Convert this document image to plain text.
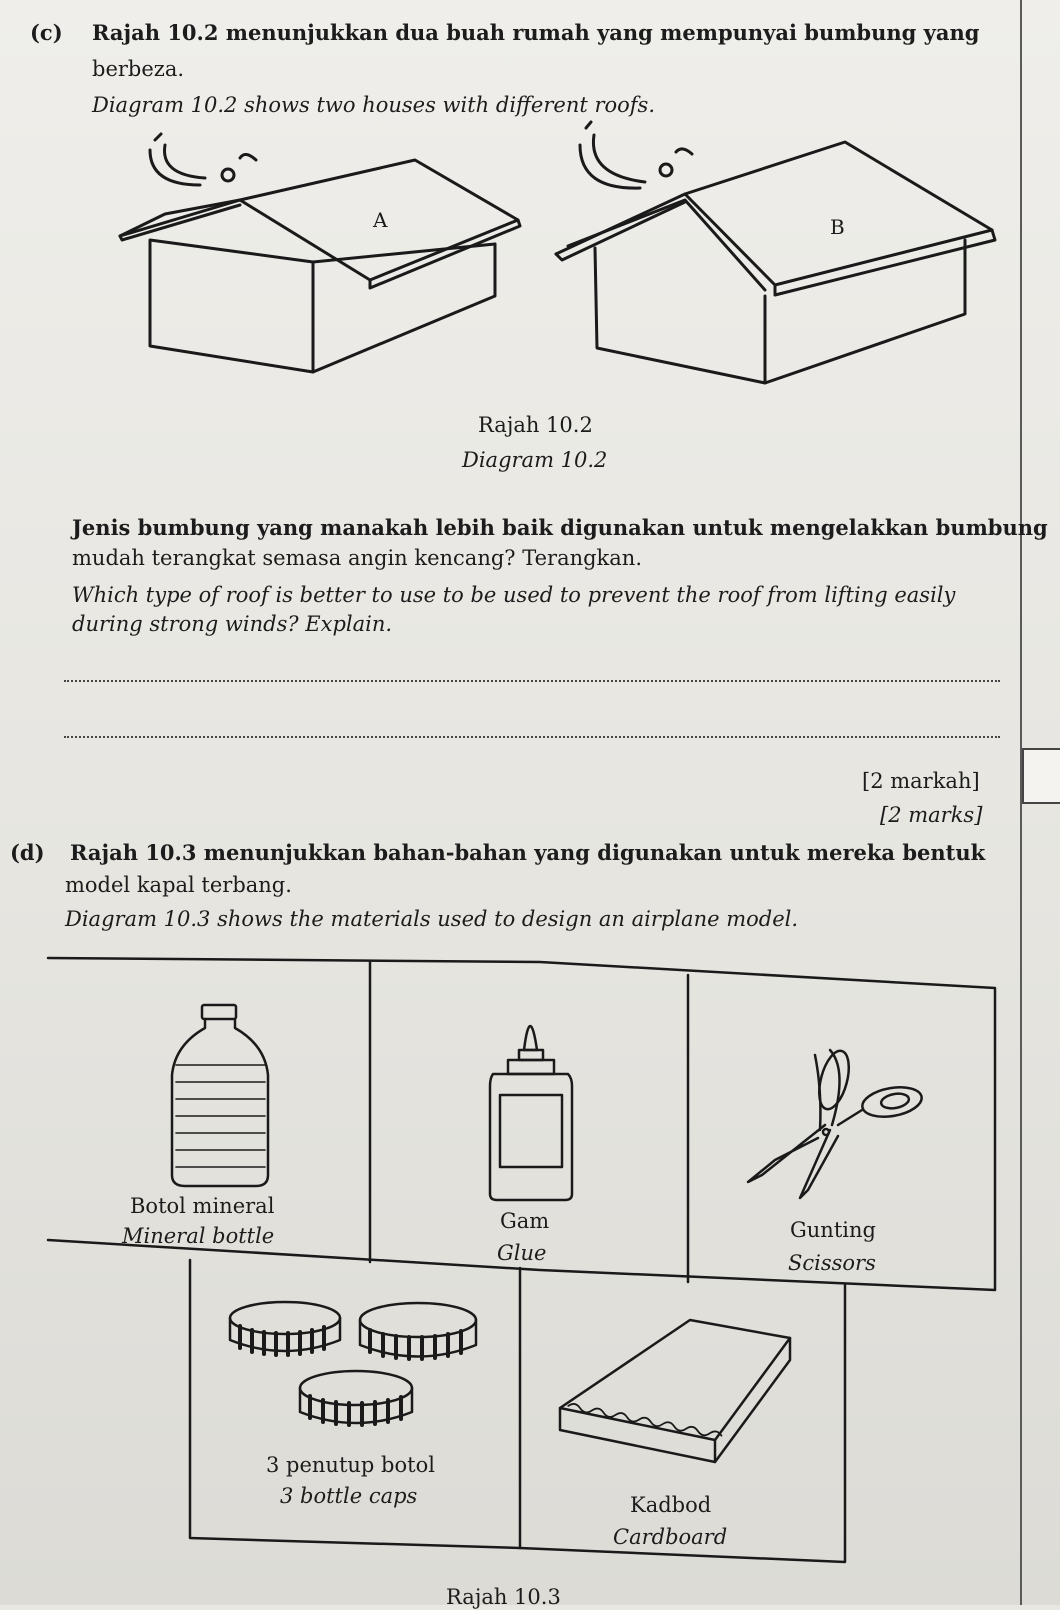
(c) Rajah 10.2 menunjukkan dua buah rumah yang mempunyai bumbung yang
berbeza.
Diagram 10.2 shows two houses with different roofs.
A	B
Rajah 10.2
Diagram 10.2
Jenis bumbung yang manakah lebih baik digunakan untuk mengelakkan bumbung
mudah terangkat semasa angin kencang? Terangkan.
Which type of roof is better to use to be used to prevent the roof from lifting easily
during strong winds? Explain.
[2 markah]
[2 marks]
(d) Rajah 10.3 menunjukkan bahan-bahan yang digunakan untuk mereka bentuk
model kapal terbang.
Diagram 10.3 shows the materials used to design an airplane model.
Botol mineral
Mineral bottle
Gam
Glue
Gunting
Scissors
3 penutup botol
3 bottle caps	Kadbod
Cardboard
Rajah 10.3
